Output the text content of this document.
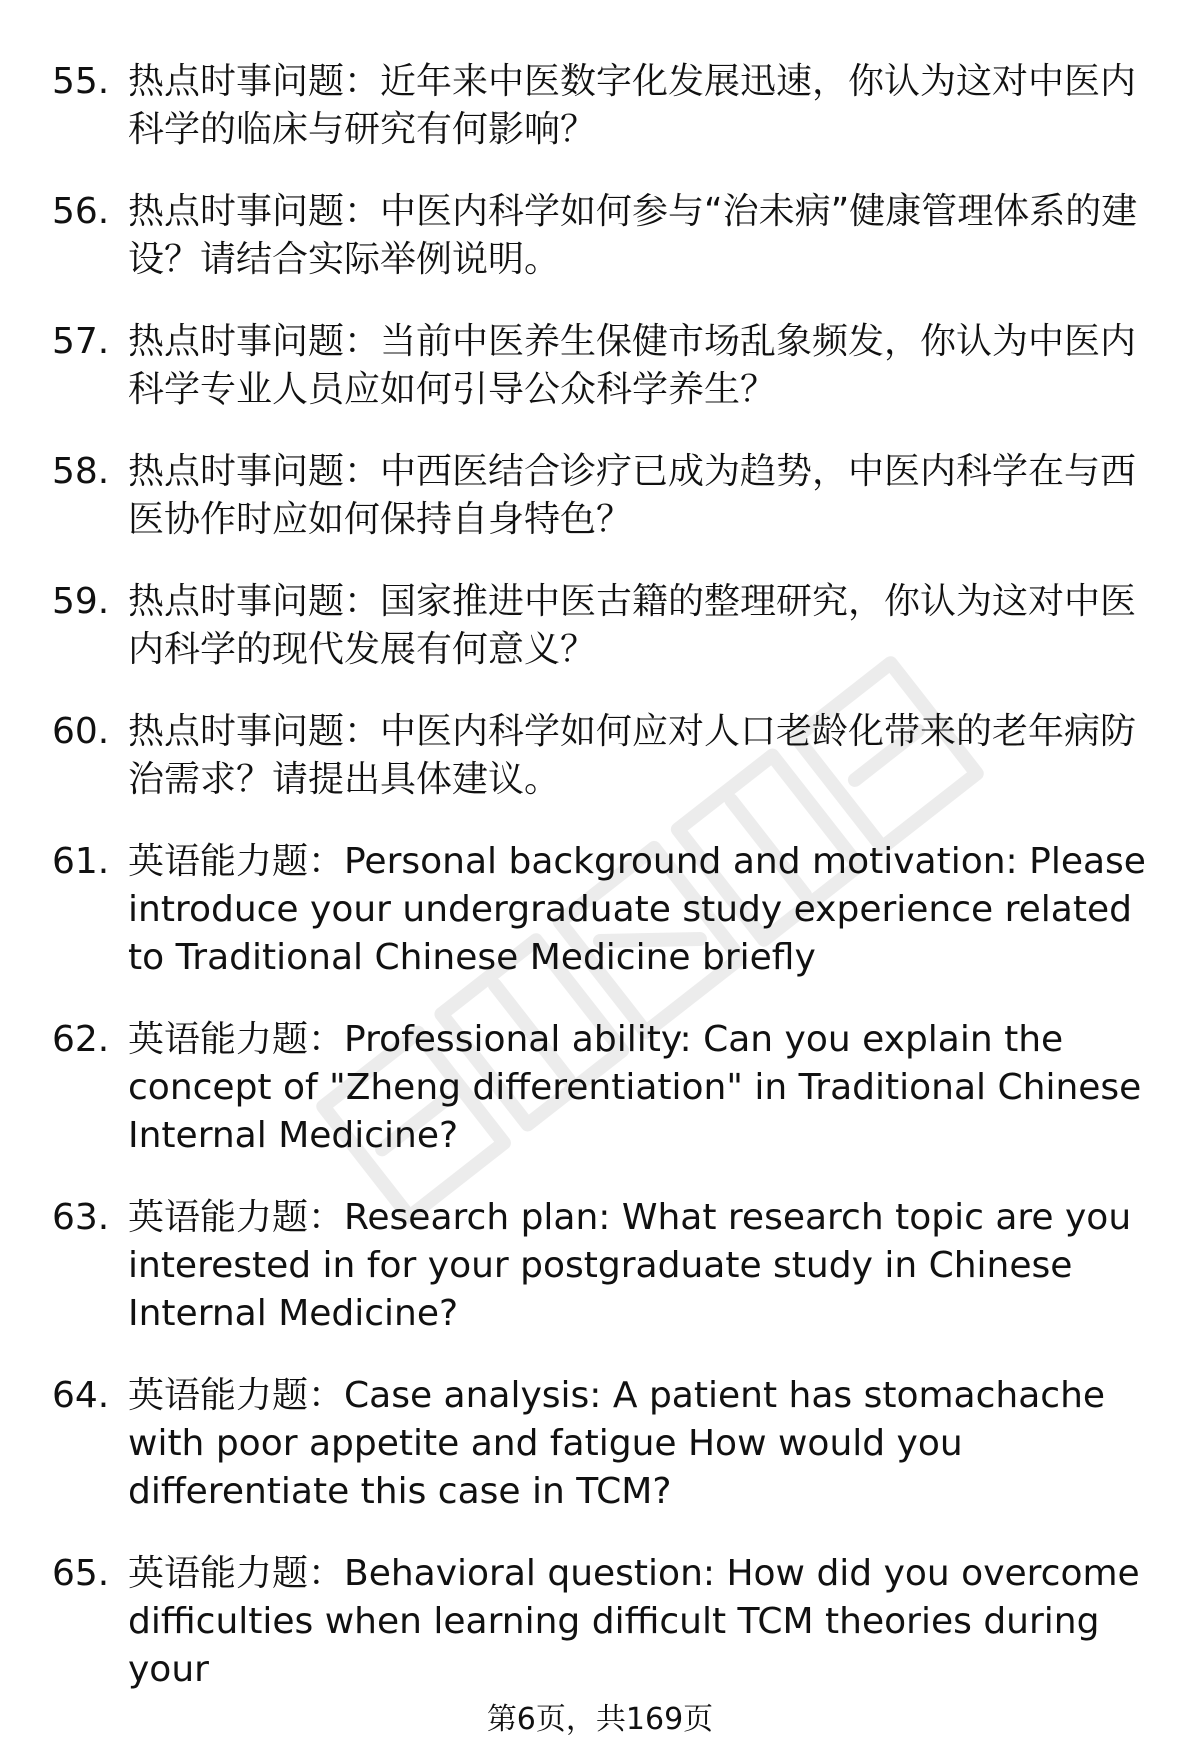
55. 热点时事问题：近年来中医数字化发展迅速，你认为这对中医内科学的临床与研究有何影响？
56. 热点时事问题：中医内科学如何参与“治未病”健康管理体系的建设？请结合实际举例说明。
57. 热点时事问题：当前中医养生保健市场乱象频发，你认为中医内科学专业人员应如何引导公众科学养生？
58. 热点时事问题：中西医结合诊疗已成为趋势，中医内科学在与西医协作时应如何保持自身特色？
59. 热点时事问题：国家推进中医古籍的整理研究，你认为这对中医内科学的现代发展有何意义？
60. 热点时事问题：中医内科学如何应对人口老龄化带来的老年病防治需求？请提出具体建议。
61. 英语能力题：Personal background and motivation: Please introduce your undergraduate study experience related to Traditional Chinese Medicine briefly
62. 英语能力题：Professional ability: Can you explain the concept of "Zheng differentiation" in Traditional Chinese Internal Medicine?
63. 英语能力题：Research plan: What research topic are you interested in for your postgraduate study in Chinese Internal Medicine?
64. 英语能力题：Case analysis: A patient has stomachache with poor appetite and fatigue How would you differentiate this case in TCM?
65. 英语能力题：Behavioral question: How did you overcome difficulties when learning difficult TCM theories during your
第6页，共169页
